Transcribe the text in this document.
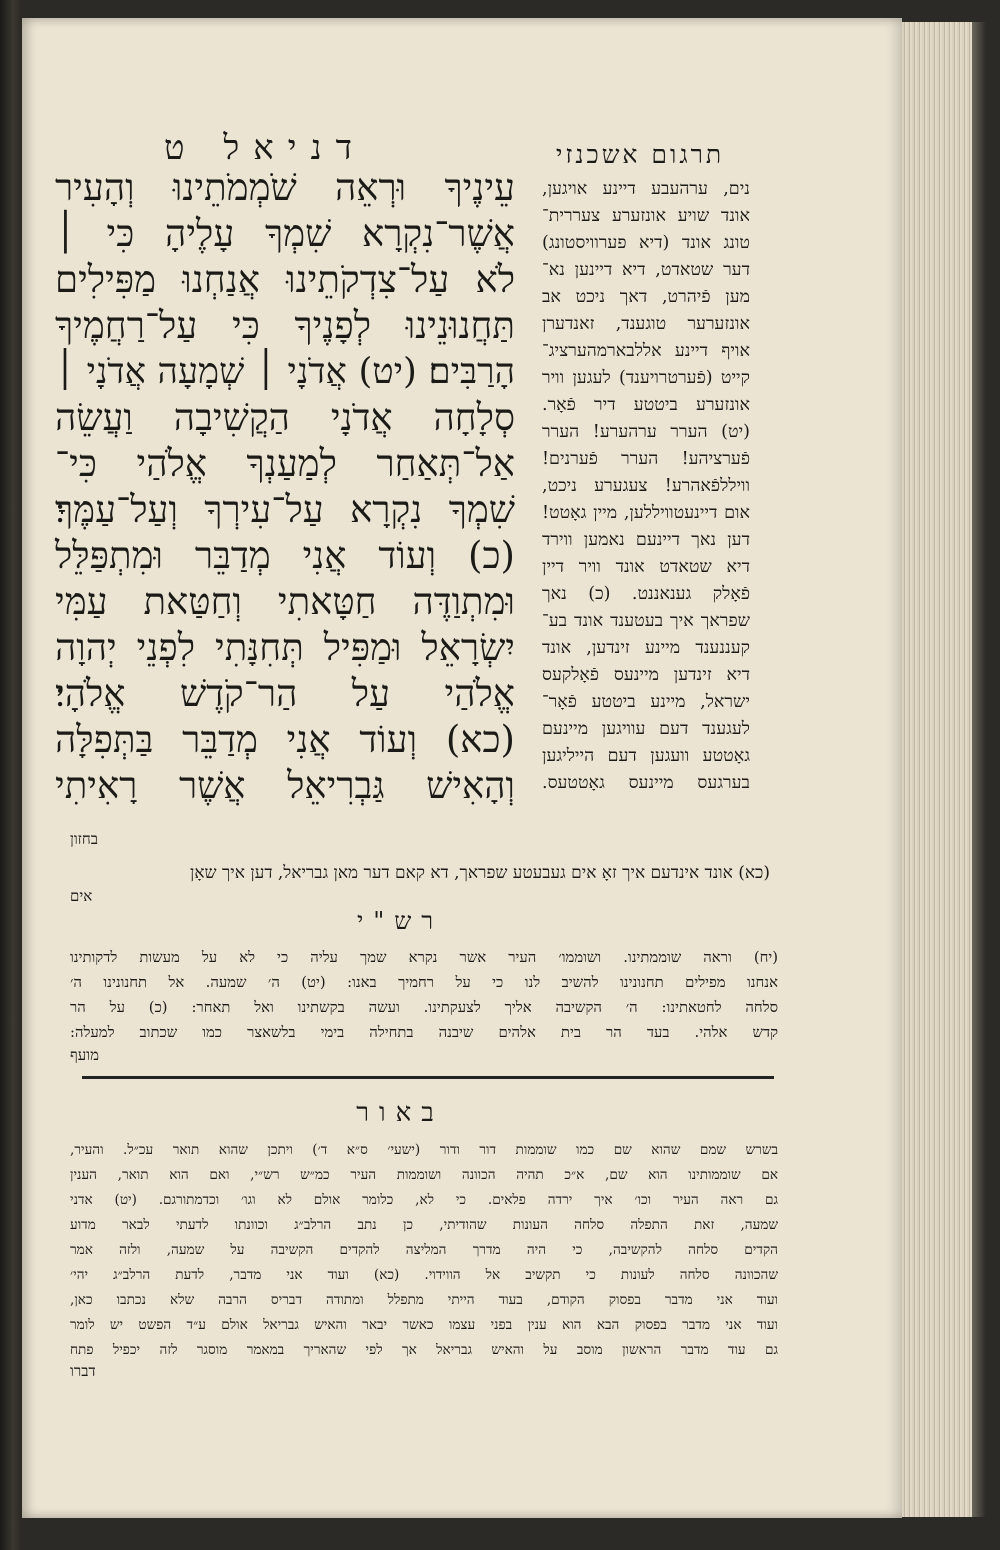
דניאל ט	תרגום אשכנזי
עֵינֶיךָ וּרְאֵה שֹׁמְמֹתֵינוּ וְהָעִיר
אֲשֶׁר־נִקְרָא שִׁמְךָ עָלֶיהָ כִּי ׀
לֹא עַל־צִדְקֹתֵינוּ אֲנַחְנוּ מַפִּילִים
תַּחֲנוּנֵינוּ לְפָנֶיךָ כִּי עַל־רַחֲמֶיךָ
הָרַבִּים׃ (יט) אֲדֹנָי ׀ שְׁמָעָה אֲדֹנָי ׀
סְלָחָה אֲדֹנָי הַקֲשִׁיבָה וַעֲשֵׂה
אַל־תְּאַחַר לְמַעַנְךָ אֱלֹהַי כִּי־
שִׁמְךָ נִקְרָא עַל־עִירְךָ וְעַל־עַמֶּךָ׃
(כ) וְעוֹד אֲנִי מְדַבֵּר וּמִתְפַּלֵּל
וּמִתְוַדֶּה חַטָּאתִי וְחַטַּאת עַמִּי
יִשְׂרָאֵל וּמַפִּיל תְּחִנָּתִי לִפְנֵי יְהוָה
אֱלֹהַי עַל הַר־קֹדֶשׁ אֱלֹהָי׃
(כא) וְעוֹד אֲנִי מְדַבֵּר בַּתְּפִלָּה
וְהָאִישׁ גַּבְרִיאֵל אֲשֶׁר רָאִיתִי
בחזון
נים, ערהעבע דיינע אויגען,
אונד שויע אונזערע צעררית־
טונג אונד (דיא פערוויסטונג)
דער שטאדט, דיא דיינען נא־
מען פֿיהרט, דאך ניכט אב
אונזערער טוגענד, זאנדערן
אויף דיינע אללבארמהערציג־
קייט (פֿערטרויענד) לעגען וויר
אונזערע ביטטע דיר פֿאָר.
(יט) הערר ערהערע! הערר
פֿערציהע! הערר פֿערנים!
וויללפֿאהרע! צעגערע ניכט,
אום דיינעטוויללען, מיין גאָטט!
דען נאך דיינעם נאמען ווירד
דיא שטאדט אונד וויר דיין
פֿאָלק גענאננט. (כ) נאך
שפראך איך בעטענד אונד בע־
קעננענד מיינע זינדען, אונד
דיא זינדען מיינעס פֿאָלקעס
ישראל, מיינע ביטטע פֿאָר־
לעגענד דעם עוויגען מיינעם
גאָטטע וועגען דעם הייליגען
בערגעס מיינעס גאָטטעס.
(כא) אונד אינדעם איך זאָ אים געבעטע שפראך, דא קאם דער מאן גבריאל, דען איך שאָן
אים
רש"י
(יח) וראה שוממתינו. ושוממו׳ העיר אשר נקרא שמך עליה כי לא על מעשות לדקותינו
אנחנו מפילים תחנונינו להשיב לנו כי על רחמיך באנו: (יט) ה׳ שמעה. אל תחנונינו ה׳
סלחה לחטאתינו: ה׳ הקשיבה אליך לצעקתינו. ועשה בקשתינו ואל תאחר: (כ) על הר
קדש אלהי. בעד הר בית אלהים שיבנה בתחילה בימי בלשאצר כמו שכתוב למעלה:
מועף
באור
בשרש שמם שהוא שם כמו שוממות דור ודור (ישעי׳ ס״א ד׳) ויתכן שהוא תואר עכ״ל. והעיר,
אם שוממותינו הוא שם, א״כ תהיה הכוונה ושוממות העיר כמ״ש רש״י, ואם הוא תואר, הענין
גם ראה העיר וכו׳ איך ירדה פלאים. כי לא, כלומר אולם לא וגו׳ וכדמתורגם. (יט) אדני
שמעה, זאת התפלה סלחה העונות שהודיתי, כן נתב הרלב״ג וכוונתו לדעתי לבאר מדוע
הקדים סלחה להקשיבה, כי היה מדרך המליצה להקדים הקשיבה על שמעה, ולזה אמר
שהכוונה סלחה לעונות כי תקשיב אל הווידוי. (כא) ועוד אני מדבר, לדעת הרלב״ג יהי׳
ועוד אני מדבר בפסוק הקודם, בעוד הייתי מתפלל ומתודה דבריס הרבה שלא נכתבו כאן,
ועוד אני מדבר בפסוק הבא הוא ענין בפני עצמו כאשר יבאר והאיש גבריאל אולם ע״ד הפשט יש לומר
גם עוד מדבר הראשון מוסב על והאיש גבריאל אך לפי שהאריך במאמר מוסגר לזה יכפיל פתח
דברו
